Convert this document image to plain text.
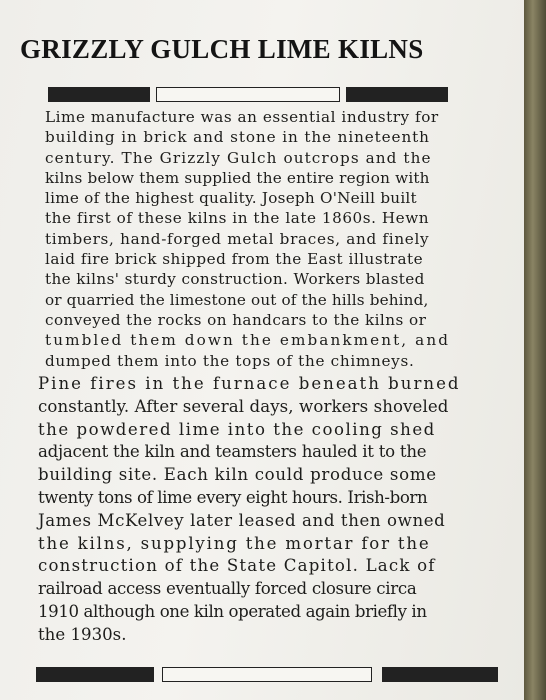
GRIZZLY GULCH LIME KILNS
Lime manufacture was an essential industry for
building in brick and stone in the nineteenth
century. The Grizzly Gulch outcrops and the
kilns below them supplied the entire region with
lime of the highest quality. Joseph O'Neill built
the first of these kilns in the late 1860s. Hewn
timbers, hand-forged metal braces, and finely
laid fire brick shipped from the East illustrate
the kilns' sturdy construction. Workers blasted
or quarried the limestone out of the hills behind,
conveyed the rocks on handcars to the kilns or
tumbled them down the embankment, and
dumped them into the tops of the chimneys.
Pine fires in the furnace beneath burned
constantly. After several days, workers shoveled
the powdered lime into the cooling shed
adjacent the kiln and teamsters hauled it to the
building site. Each kiln could produce some
twenty tons of lime every eight hours. Irish-born
James McKelvey later leased and then owned
the kilns, supplying the mortar for the
construction of the State Capitol. Lack of
railroad access eventually forced closure circa
1910 although one kiln operated again briefly in
the 1930s.
